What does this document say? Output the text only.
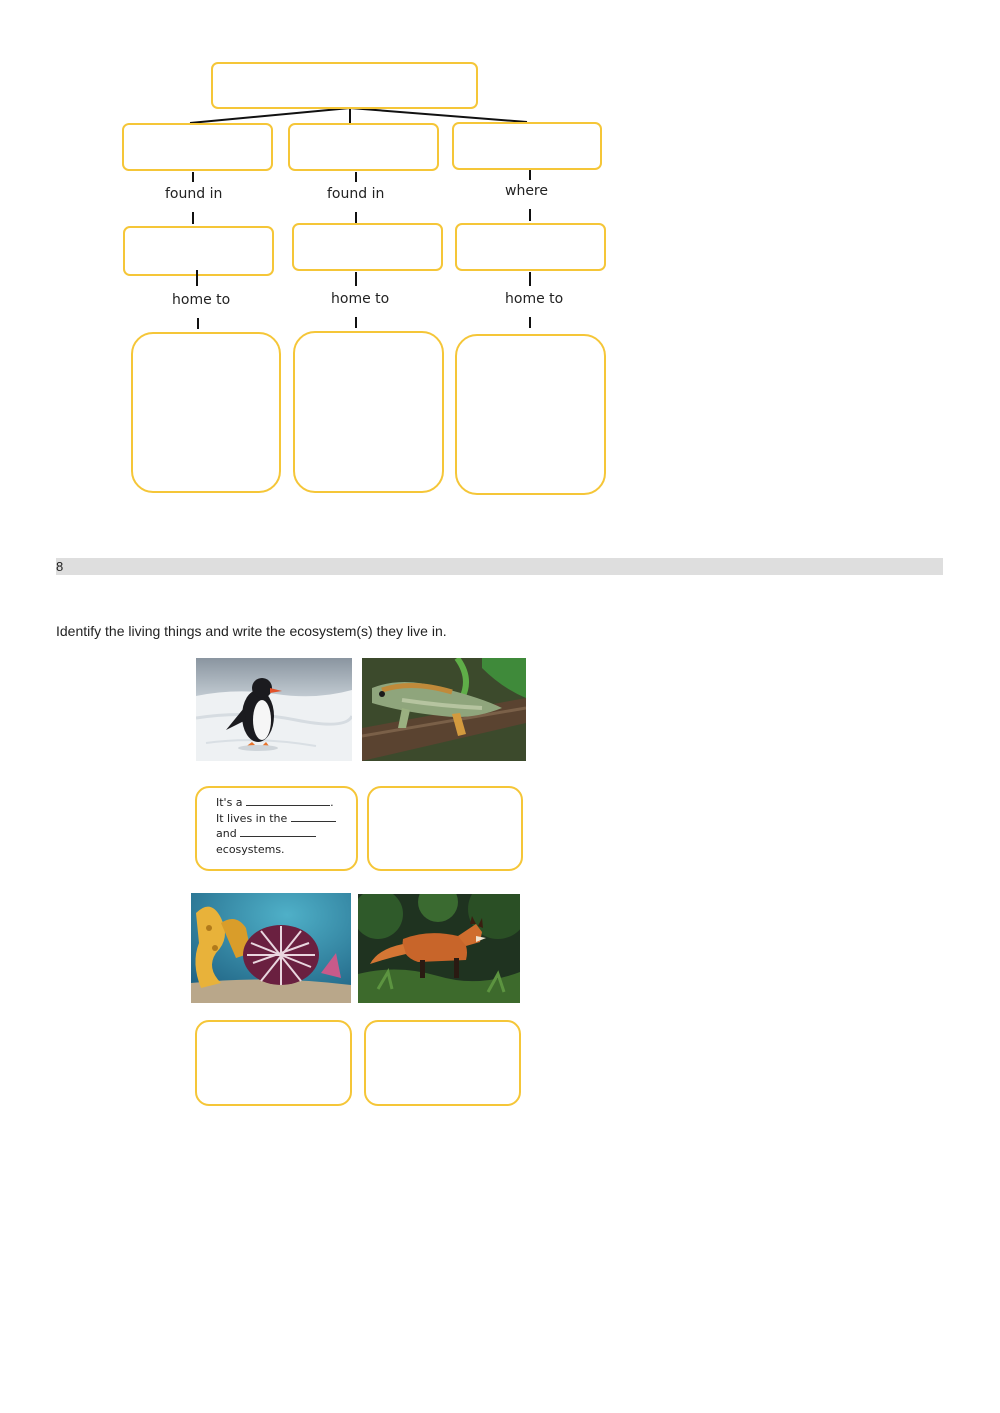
found in	found in	where
home to	home to	home to
8
Identify the living things and write the ecosystem(s) they live in.
It's a	.
It lives in the
and
ecosystems.
